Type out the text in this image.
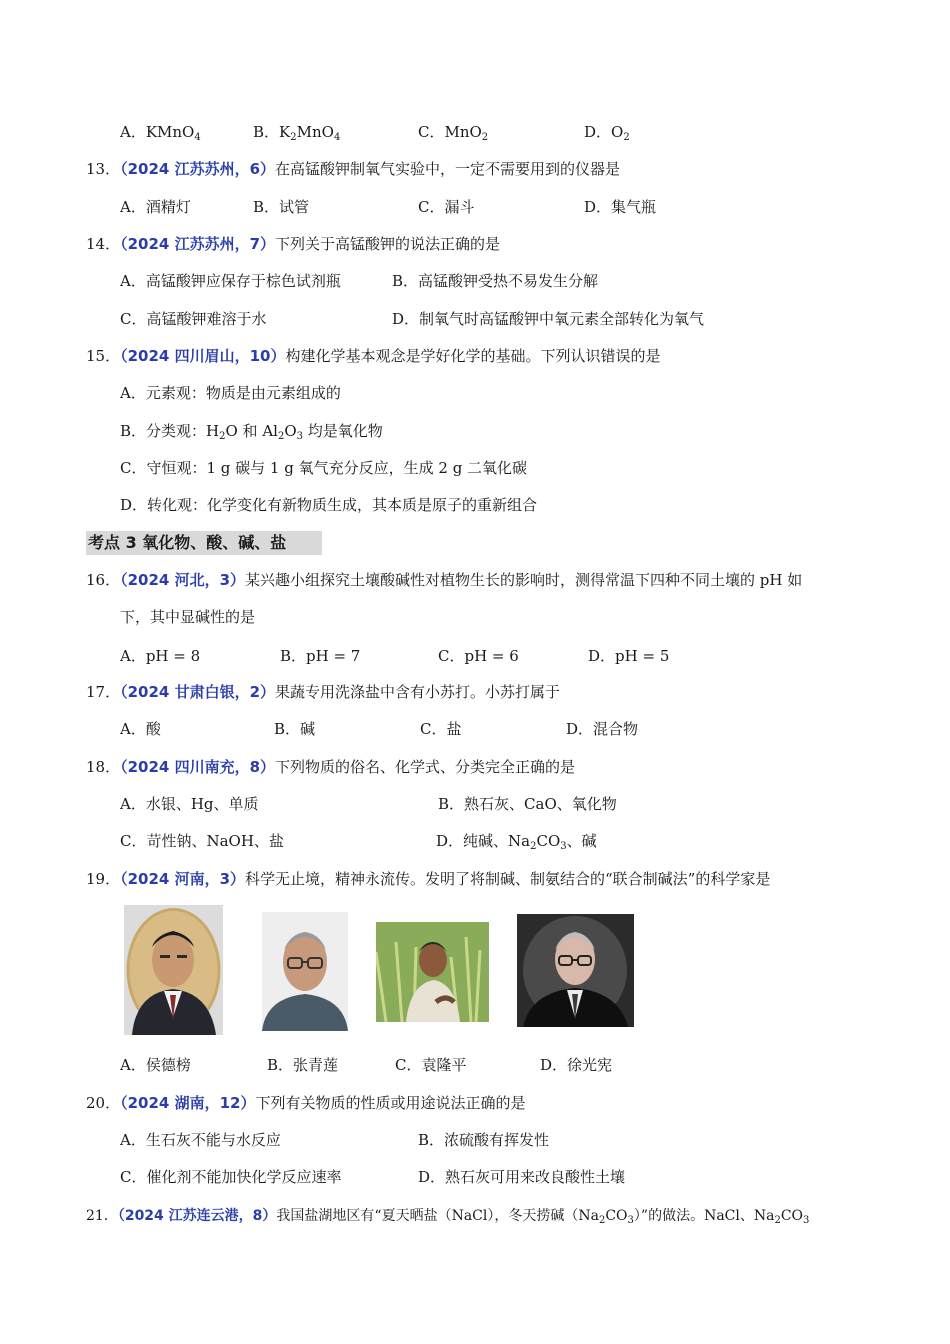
A．KMnO$_4$	B．$K_2MnO_4$	C．MnO$_2$	D．$O_2$
13．（2024 江苏苏州，6）在高锰酸钾制氧气实验中，一定不需要用到的仪器是
A．酒精灯	B．试管	C．漏斗	D．集气瓶
14．（2024 江苏苏州，7）下列关于高锰酸钾的说法正确的是
A．高锰酸钾应保存于棕色试剂瓶	B．高锰酸钾受热不易发生分解
C．高锰酸钾难溶于水	D．制氧气时高锰酸钾中氧元素全部转化为氧气
15．（2024 四川眉山，10）构建化学基本观念是学好化学的基础。下列认识错误的是
A．元素观：物质是由元素组成的
B．分类观：$H_2O$ 和 $Al_2O_3$ 均是氧化物
C．守恒观：1 g 碳与 1 g 氧气充分反应，生成 2 g 二氧化碳
D．转化观：化学变化有新物质生成，其本质是原子的重新组合
考点 3 氧化物、酸、碱、盐
16．（2024 河北，3）某兴趣小组探究土壤酸碱性对植物生长的影响时，测得常温下四种不同土壤的 pH 如
下，其中显碱性的是
A．pH = 8	B．pH = 7	C．pH = 6	D．pH = 5
17．（2024 甘肃白银，2）果蔬专用洗涤盐中含有小苏打。小苏打属于
A．酸	B．碱	C．盐	D．混合物
18．（2024 四川南充，8）下列物质的俗名、化学式、分类完全正确的是
A．水银、Hg、单质	B．熟石灰、CaO、氧化物
C．苛性钠、NaOH、盐	D．纯碱、$Na_2CO_3$、碱
19．（2024 河南，3）科学无止境，精神永流传。发明了将制碱、制氨结合的“联合制碱法”的科学家是
A．侯德榜	B．张青莲	C．袁隆平	D．徐光宪
20．（2024 湖南，12）下列有关物质的性质或用途说法正确的是
A．生石灰不能与水反应	B．浓硫酸有挥发性
C．催化剂不能加快化学反应速率	D．熟石灰可用来改良酸性土壤
21．（2024 江苏连云港，8）我国盐湖地区有“夏天晒盐（NaCl），冬天捞碱$(Na_2CO_3)$”的做法。NaCl、$Na_2CO_3$
